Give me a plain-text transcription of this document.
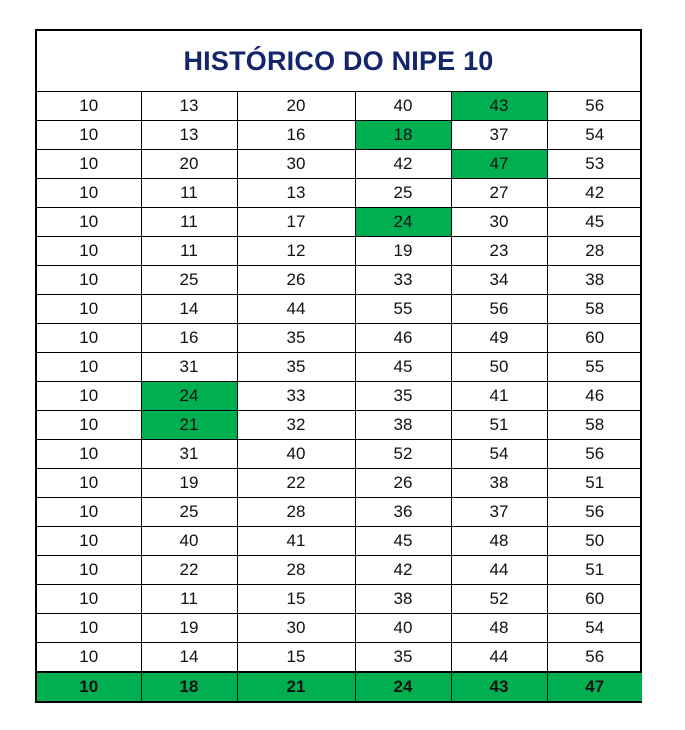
HISTÓRICO DO NIPE 10
10	13	20	40	43	56
10	13	16	18	37	54
10	20	30	42	47	53
10	11	13	25	27	42
10	11	17	24	30	45
10	11	12	19	23	28
10	25	26	33	34	38
10	14	44	55	56	58
10	16	35	46	49	60
10	31	35	45	50	55
10	24	33	35	41	46
10	21	32	38	51	58
10	31	40	52	54	56
10	19	22	26	38	51
10	25	28	36	37	56
10	40	41	45	48	50
10	22	28	42	44	51
10	11	15	38	52	60
10	19	30	40	48	54
10	14	15	35	44	56
10	18	21	24	43	47
